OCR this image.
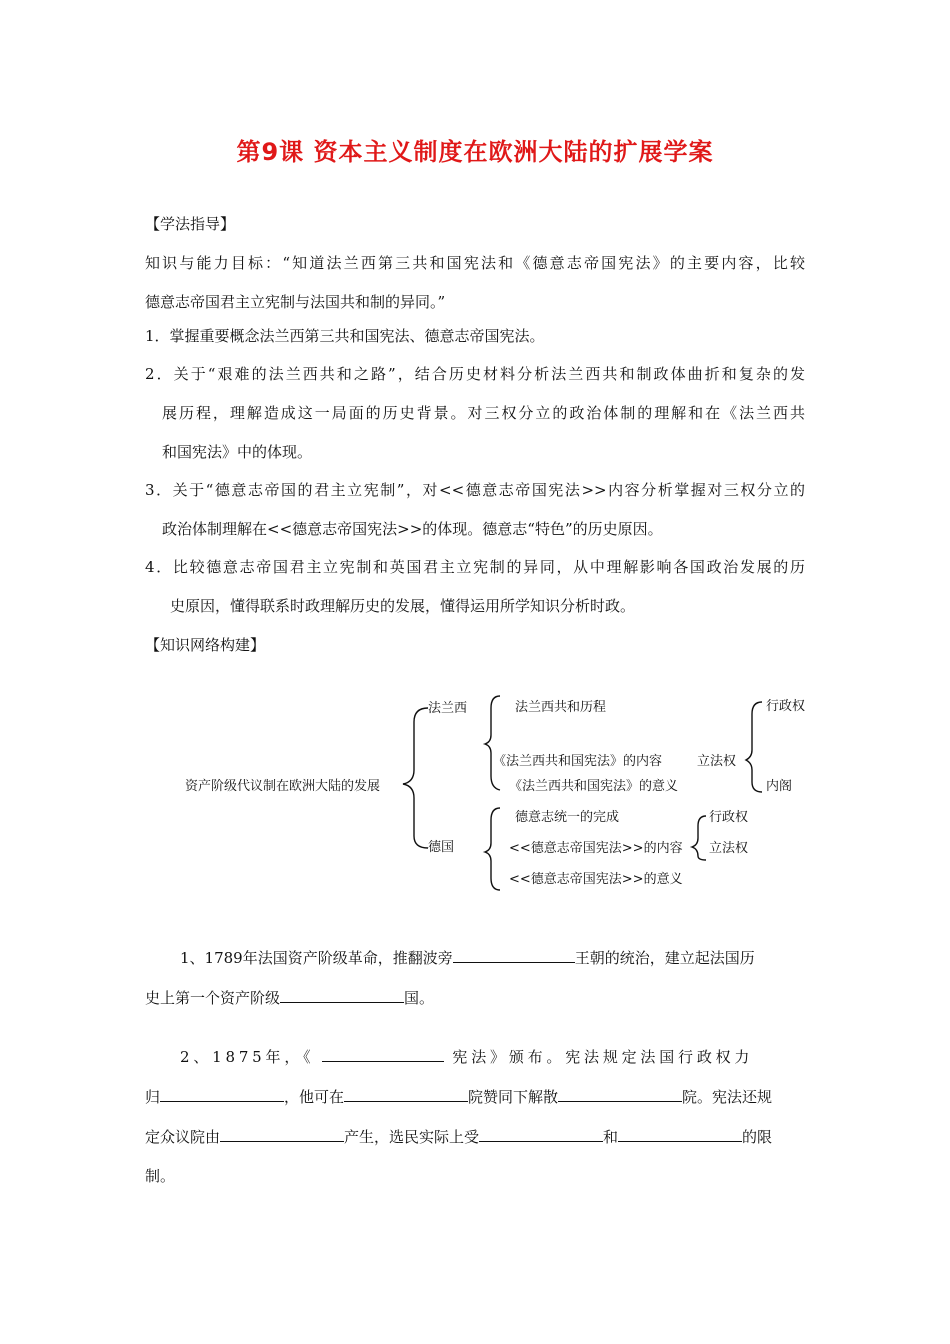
第9课 资本主义制度在欧洲大陆的扩展学案
【学法指导】
知识与能力目标：“知道法兰西第三共和国宪法和《德意志帝国宪法》的主要内容，比较
德意志帝国君主立宪制与法国共和制的异同。”
1．掌握重要概念法兰西第三共和国宪法、德意志帝国宪法。
2．关于“艰难的法兰西共和之路”，结合历史材料分析法兰西共和制政体曲折和复杂的发
展历程，理解造成这一局面的历史背景。对三权分立的政治体制的理解和在《法兰西共
和国宪法》中的体现。
3．关于“德意志帝国的君主立宪制”，对<<德意志帝国宪法>>内容分析掌握对三权分立的
政治体制理解在<<德意志帝国宪法>>的体现。德意志“特色”的历史原因。
4．比较德意志帝国君主立宪制和英国君主立宪制的异同，从中理解影响各国政治发展的历
史原因，懂得联系时政理解历史的发展，懂得运用所学知识分析时政。
【知识网络构建】
资产阶级代议制在欧洲大陆的发展
法兰西
德国
法兰西共和历程
《法兰西共和国宪法》的内容
《法兰西共和国宪法》的意义
行政权
立法权
内阁
德意志统一的完成
<<德意志帝国宪法>>的内容
<<德意志帝国宪法>>的意义
行政权
立法权
1、1789年法国资产阶级革命，推翻波旁	王朝的统治，建立起法国历
史上第一个资产阶级	国。
2、1875年，《	宪法》颁布。宪法规定法国行政权力
归	，他可在	院赞同下解散	院。宪法还规
定众议院由	产生，选民实际上受	和	的限
制。
